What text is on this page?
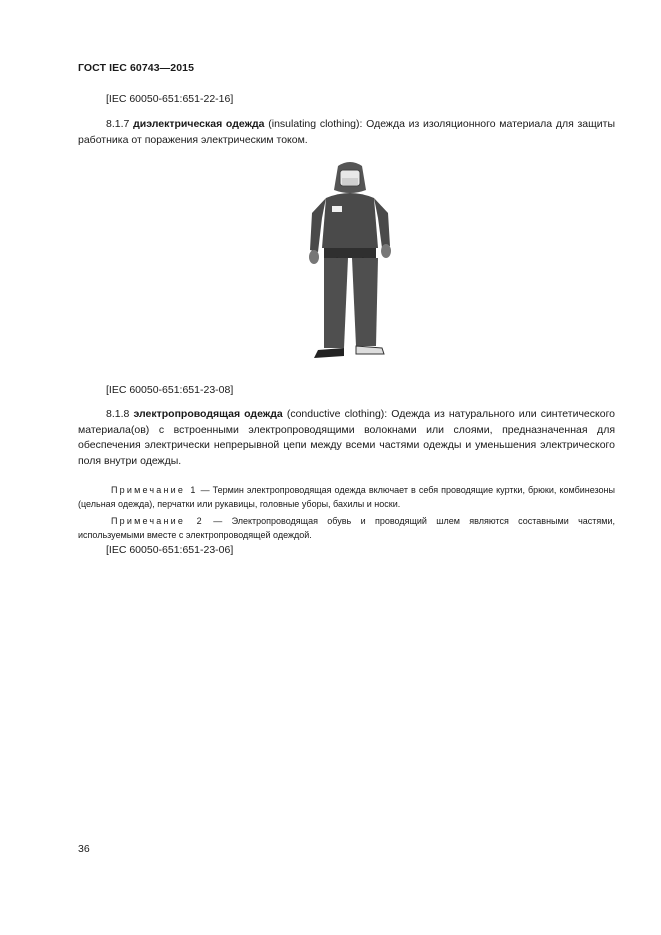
ГОСТ IEC 60743—2015
[IEC 60050-651:651-22-16]
8.1.7 диэлектрическая одежда (insulating clothing): Одежда из изоляционного материала для защиты работника от поражения электрическим током.
[IEC 60050-651:651-23-08]
8.1.8 электропроводящая одежда (conductive clothing): Одежда из натурального или синтетического материала(ов) с встроенными электропроводящими волокнами или слоями, предназначенная для обеспечения электрически непрерывной цепи между всеми частями одежды и уменьшения электрического поля внутри одежды.
Примечание 1 — Термин электропроводящая одежда включает в себя проводящие куртки, брюки, комбинезоны (цельная одежда), перчатки или рукавицы, головные уборы, бахилы и носки.
Примечание 2 — Электропроводящая обувь и проводящий шлем являются составными частями, используемыми вместе с электропроводящей одеждой.
[IEC 60050-651:651-23-06]
36
